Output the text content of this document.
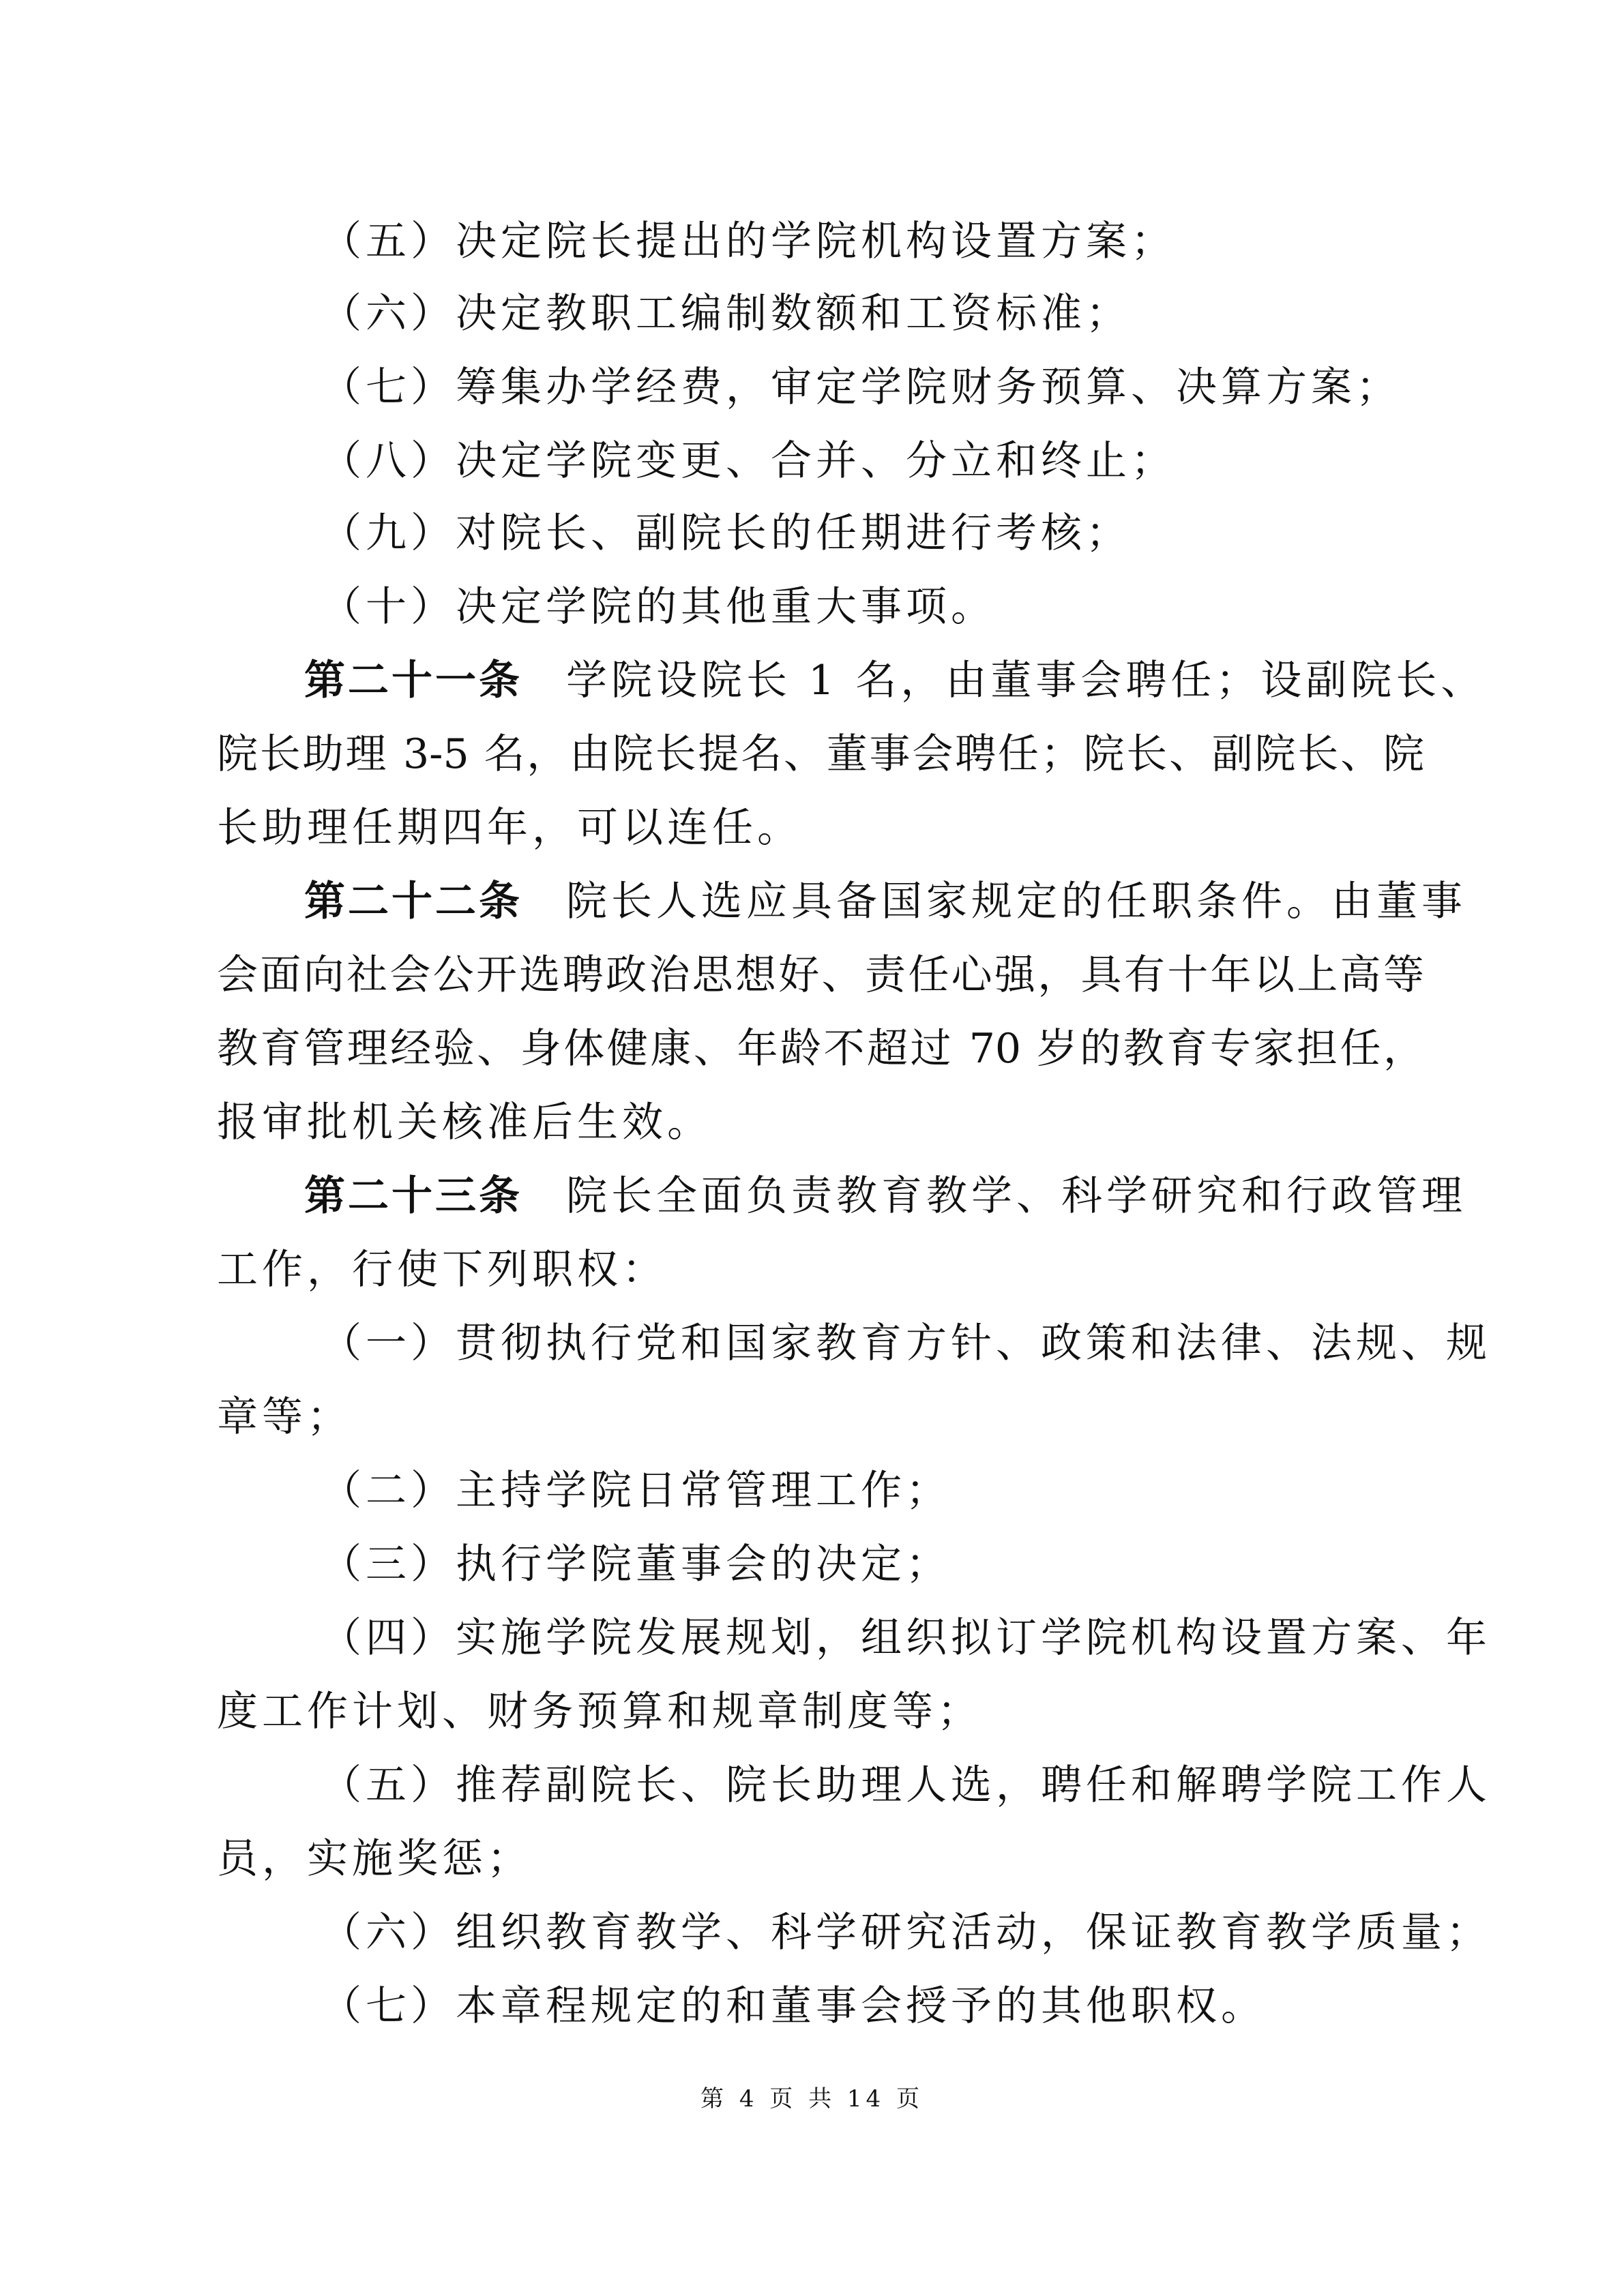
（五）决定院长提出的学院机构设置方案；
（六）决定教职工编制数额和工资标准；
（七）筹集办学经费，审定学院财务预算、决算方案；
（八）决定学院变更、合并、分立和终止；
（九）对院长、副院长的任期进行考核；
（十）决定学院的其他重大事项。
第二十一条 学院设院长 1 名，由董事会聘任；设副院长、
院长助理 3-5 名，由院长提名、董事会聘任；院长、副院长、院
长助理任期四年，可以连任。
第二十二条 院长人选应具备国家规定的任职条件。由董事
会面向社会公开选聘政治思想好、责任心强，具有十年以上高等
教育管理经验、身体健康、年龄不超过 70 岁的教育专家担任，
报审批机关核准后生效。
第二十三条 院长全面负责教育教学、科学研究和行政管理
工作，行使下列职权：
（一）贯彻执行党和国家教育方针、政策和法律、法规、规
章等；
（二）主持学院日常管理工作；
（三）执行学院董事会的决定；
（四）实施学院发展规划，组织拟订学院机构设置方案、年
度工作计划、财务预算和规章制度等；
（五）推荐副院长、院长助理人选，聘任和解聘学院工作人
员，实施奖惩；
（六）组织教育教学、科学研究活动，保证教育教学质量；
（七）本章程规定的和董事会授予的其他职权。
第 4 页 共 14 页
